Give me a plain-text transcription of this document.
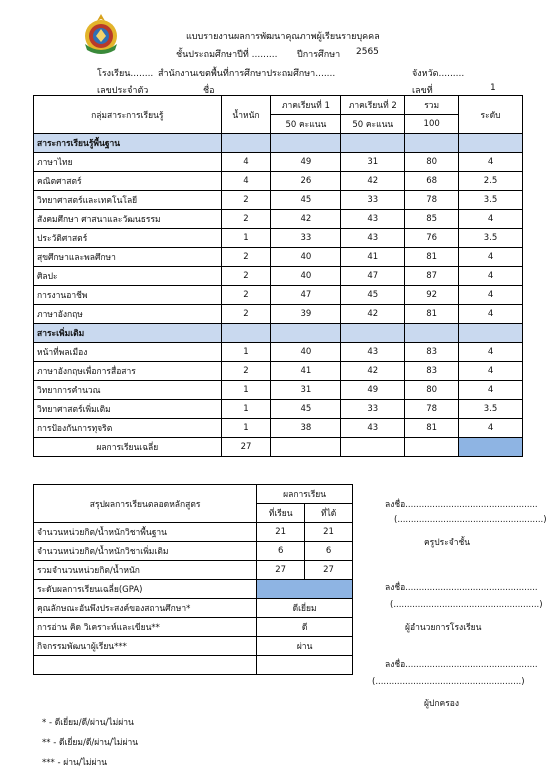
แบบรายงานผลการพัฒนาคุณภาพผู้เรียนรายบุคคล
ชั้นประถมศึกษาปีที่ ......... ปีการศึกษา 2565
โรงเรียน........ สำนักงานเขตพื้นที่การศึกษาประถมศึกษา.......	จังหวัด.........
เลขประจำตัว	ชื่อ	เลขที่	1
กลุ่มสาระการเรียนรู้	น้ำหนัก	ภาคเรียนที่ 1	ภาคเรียนที่ 2	รวม	ระดับ
		50 คะแนน	50 คะแนน	100	
สาระการเรียนรู้พื้นฐาน					
ภาษาไทย	4	49	31	80	4
คณิตศาสตร์	4	26	42	68	2.5
วิทยาศาสตร์และเทคโนโลยี	2	45	33	78	3.5
สังคมศึกษา ศาสนาและวัฒนธรรม	2	42	43	85	4
ประวัติศาสตร์	1	33	43	76	3.5
สุขศึกษาและพลศึกษา	2	40	41	81	4
ศิลปะ	2	40	47	87	4
การงานอาชีพ	2	47	45	92	4
ภาษาอังกฤษ	2	39	42	81	4
สาระเพิ่มเติม					
หน้าที่พลเมือง	1	40	43	83	4
ภาษาอังกฤษเพื่อการสื่อสาร	2	41	42	83	4
วิทยาการคำนวณ	1	31	49	80	4
วิทยาศาสตร์เพิ่มเติม	1	45	33	78	3.5
การป้องกันการทุจริต	1	38	43	81	4
ผลการเรียนเฉลี่ย	27				
สรุปผลการเรียนตลอดหลักสูตร	ผลการเรียน	
	ที่เรียน	ที่ได้
จำนวนหน่วยกิต/น้ำหนักวิชาพื้นฐาน	21	21
จำนวนหน่วยกิต/น้ำหนักวิชาเพิ่มเติม	6	6
รวมจำนวนหน่วยกิต/น้ำหนัก	27	27
ระดับผลการเรียนเฉลี่ย(GPA)		
คุณลักษณะอันพึงประสงค์ของสถานศึกษา*	ดีเยี่ยม	
การอ่าน คิด วิเคราะห์และเขียน**	ดี	
กิจกรรมพัฒนาผู้เรียน***	ผ่าน	

ลงชื่อ.................................................
(......................................................)
ครูประจำชั้น
ลงชื่อ.................................................
(......................................................)
ผู้อำนวยการโรงเรียน
ลงชื่อ.................................................
(......................................................)
ผู้ปกครอง
* - ดีเยี่ยม/ดี/ผ่าน/ไม่ผ่าน
** - ดีเยี่ยม/ดี/ผ่าน/ไม่ผ่าน
*** - ผ่าน/ไม่ผ่าน
